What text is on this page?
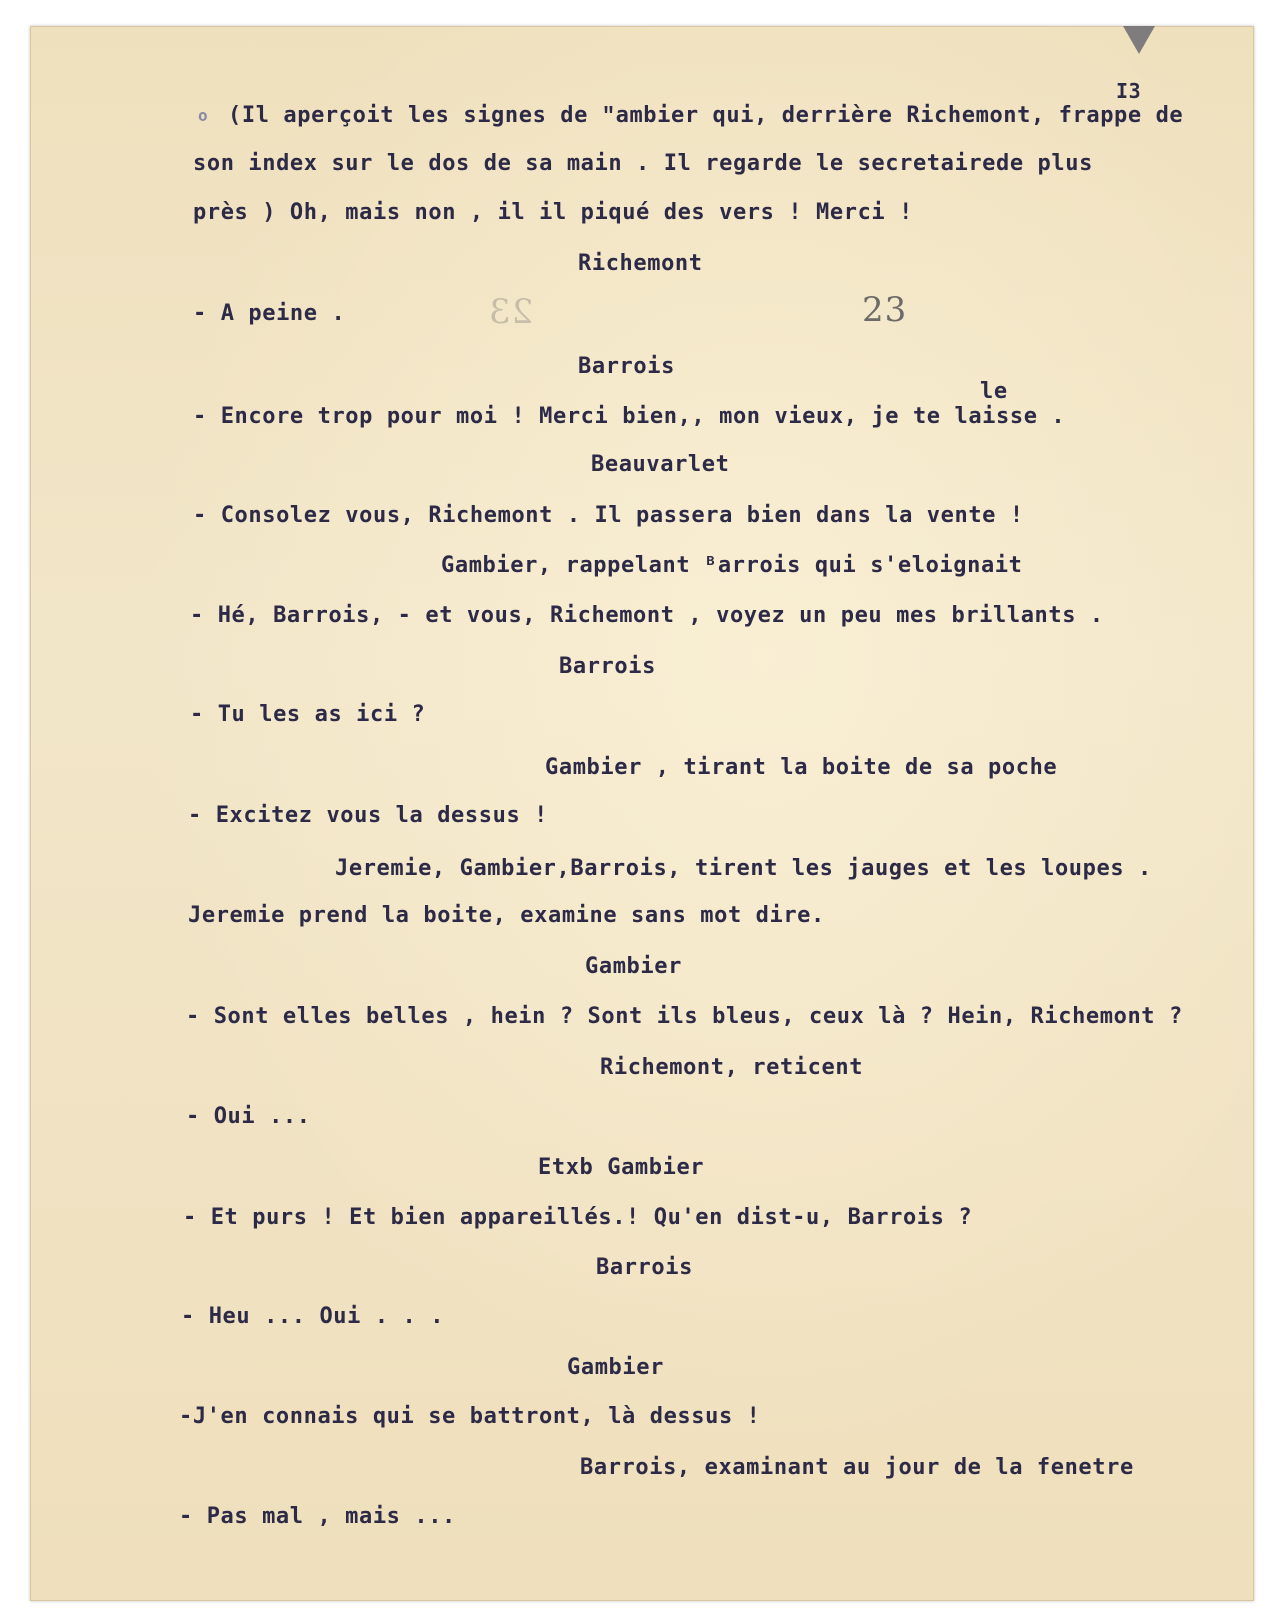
I3
23
23
o (Il aperçoit les signes de ʺambier qui, derrière Richemont, frappe de
son index sur le dos de sa main . Il regarde le secretairede plus
près ) Oh, mais non , il il piqué des vers ! Merci !
Richemont
- A peine .
Barrois
le
- Encore trop pour moi ! Merci bien,, mon vieux, je te laisse .
Beauvarlet
- Consolez vous, Richemont . Il passera bien dans la vente !
Gambier, rappelant ᴮarrois qui s'eloignait
- Hé, Barrois, - et vous, Richemont , voyez un peu mes brillants .
Barrois
- Tu les as ici ?
Gambier , tirant la boite de sa poche
- Excitez vous la dessus !
Jeremie, Gambier,Barrois, tirent les jauges et les loupes .
Jeremie prend la boite, examine sans mot dire.
Gambier
- Sont elles belles , hein ? Sont ils bleus, ceux là ? Hein, Richemont ?
Richemont, reticent
- Oui ...
Etxb Gambier
- Et purs ! Et bien appareillés.! Qu'en dist-u, Barrois ?
Barrois
- Heu ... Oui . . .
Gambier
-J'en connais qui se battront, là dessus !
Barrois, examinant au jour de la fenetre
- Pas mal , mais ...
